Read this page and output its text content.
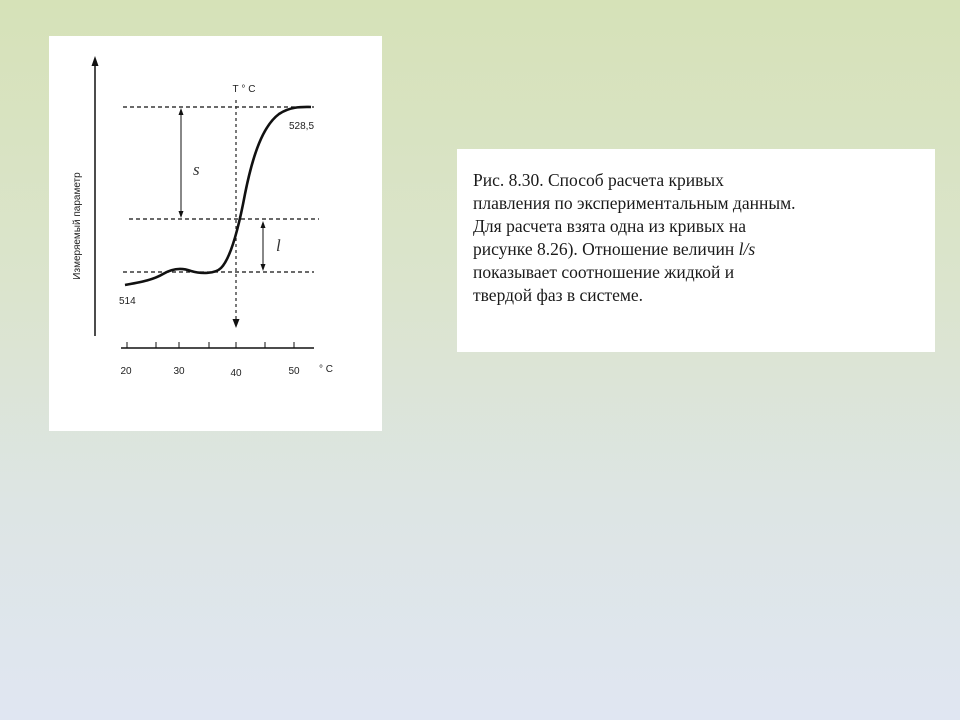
Измеряемый параметр
20	30	40	50 ° С
Т ° С
s
l
514
528,5
Рис. 8.30. Способ расчета кривых
плавления по экспериментальным данным.
Для расчета взята одна из кривых на
рисунке 8.26). Отношение величин l/s
показывает соотношение жидкой и
твердой фаз в системе.
